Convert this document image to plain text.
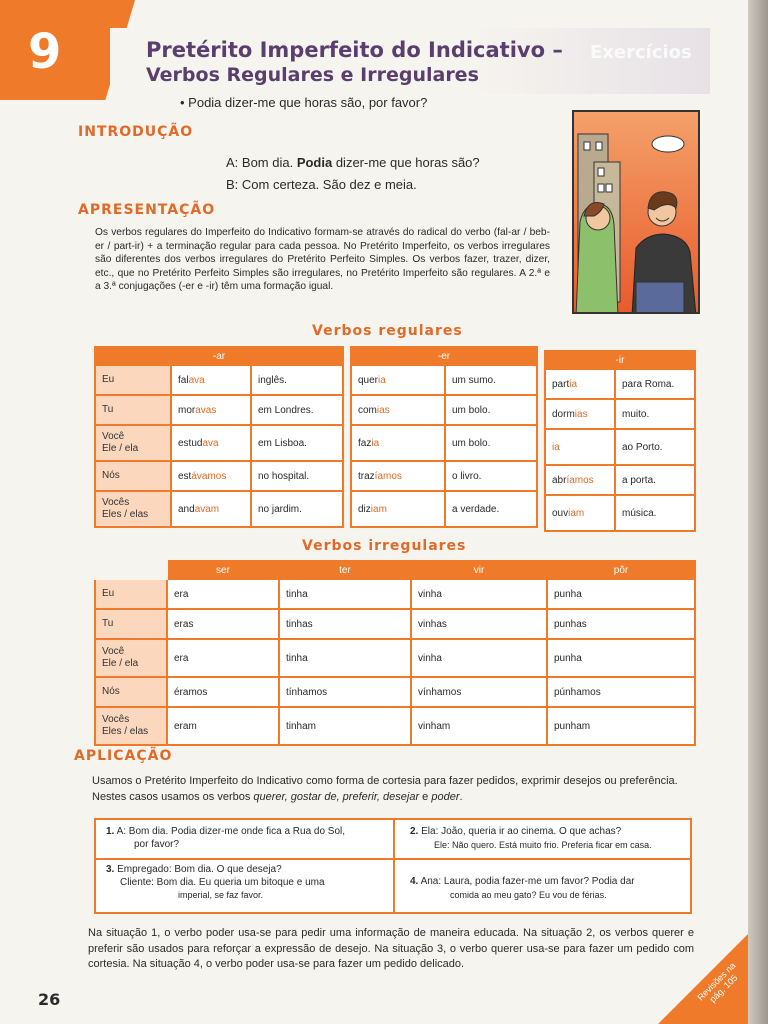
9	Exercícios
Pretérito Imperfeito do Indicativo –
Verbos Regulares e Irregulares
• Podia dizer-me que horas são, por favor?
INTRODUÇÃO
A: Bom dia. Podia dizer-me que horas são?
B: Com certeza. São dez e meia.
APRESENTAÇÃO
Os verbos regulares do Imperfeito do Indicativo formam-se através do radical do verbo (fal-ar / beb-er / part-ir) + a terminação regular para cada pessoa. No Pretérito Imperfeito, os verbos irregulares são diferentes dos verbos irregulares do Pretérito Perfeito Simples. Os verbos fazer, trazer, dizer, etc., que no Pretérito Perfeito Simples são irregulares, no Pretérito Imperfeito são regulares. A 2.ª e a 3.ª conjugações (-er e -ir) têm uma formação igual.
Verbos regulares
-ar		
Eu	falava	inglês.
Tu	moravas	em Londres.
Você
Ele / ela	estudava	em Lisboa.
Nós	estávamos	no hospital.
Vocês
Eles / elas	andavam	no jardim.
-er	
queria	um sumo.
comias	um bolo.
fazia	um bolo.
trazíamos	o livro.
diziam	a verdade.
-ir	
partia	para Roma.
dormias	muito.
ia	ao Porto.
abríamos	a porta.
ouviam	música.
Verbos irregulares
	ser	ter	vir	pôr
Eu	era	tinha	vinha	punha
Tu	eras	tinhas	vinhas	punhas
Você
Ele / ela	era	tinha	vinha	punha
Nós	éramos	tínhamos	vínhamos	púnhamos
Vocês
Eles / elas	eram	tinham	vinham	punham
APLICAÇÃO
Usamos o Pretérito Imperfeito do Indicativo como forma de cortesia para fazer pedidos, exprimir desejos ou preferência. Nestes casos usamos os verbos querer, gostar de, preferir, desejar e poder.
1. A: Bom dia. Podia dizer-me onde fica a Rua do Sol,
por favor?
2. Ela: João, queria ir ao cinema. O que achas?
Ele: Não quero. Está muito frio. Preferia ficar em casa.
3. Empregado: Bom dia. O que deseja?
Cliente: Bom dia. Eu queria um bitoque e uma
imperial, se faz favor.
4. Ana: Laura, podia fazer-me um favor? Podia dar
comida ao meu gato? Eu vou de férias.
Na situação 1, o verbo poder usa-se para pedir uma informação de maneira educada. Na situação 2, os verbos querer e preferir são usados para reforçar a expressão de desejo. Na situação 3, o verbo querer usa-se para fazer um pedido com cortesia. Na situação 4, o verbo poder usa-se para fazer um pedido delicado.
26	Revisões na pág. 105
